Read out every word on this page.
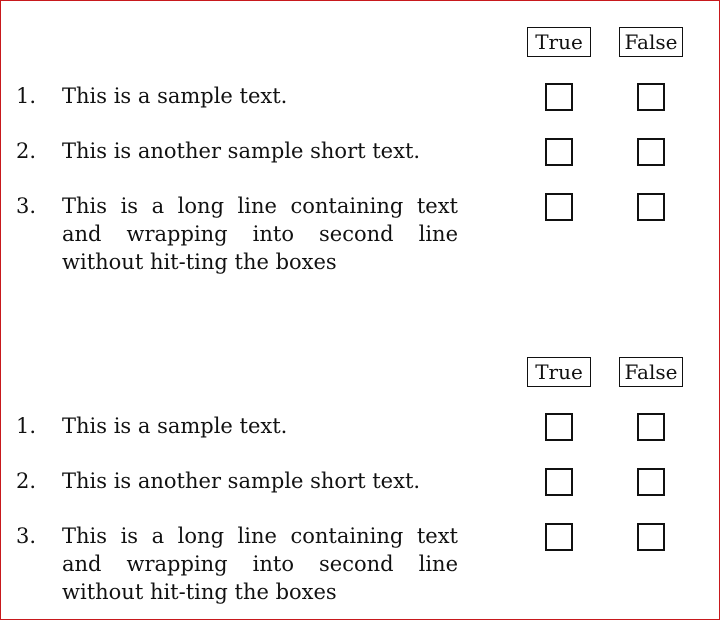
True	False
1. This is a sample text.
2. This is another sample short text.
3. This is a long line containing text and wrapping into second line without hit-ting the boxes
True	False
1. This is a sample text.
2. This is another sample short text.
3. This is a long line containing text and wrapping into second line without hit-ting the boxes
